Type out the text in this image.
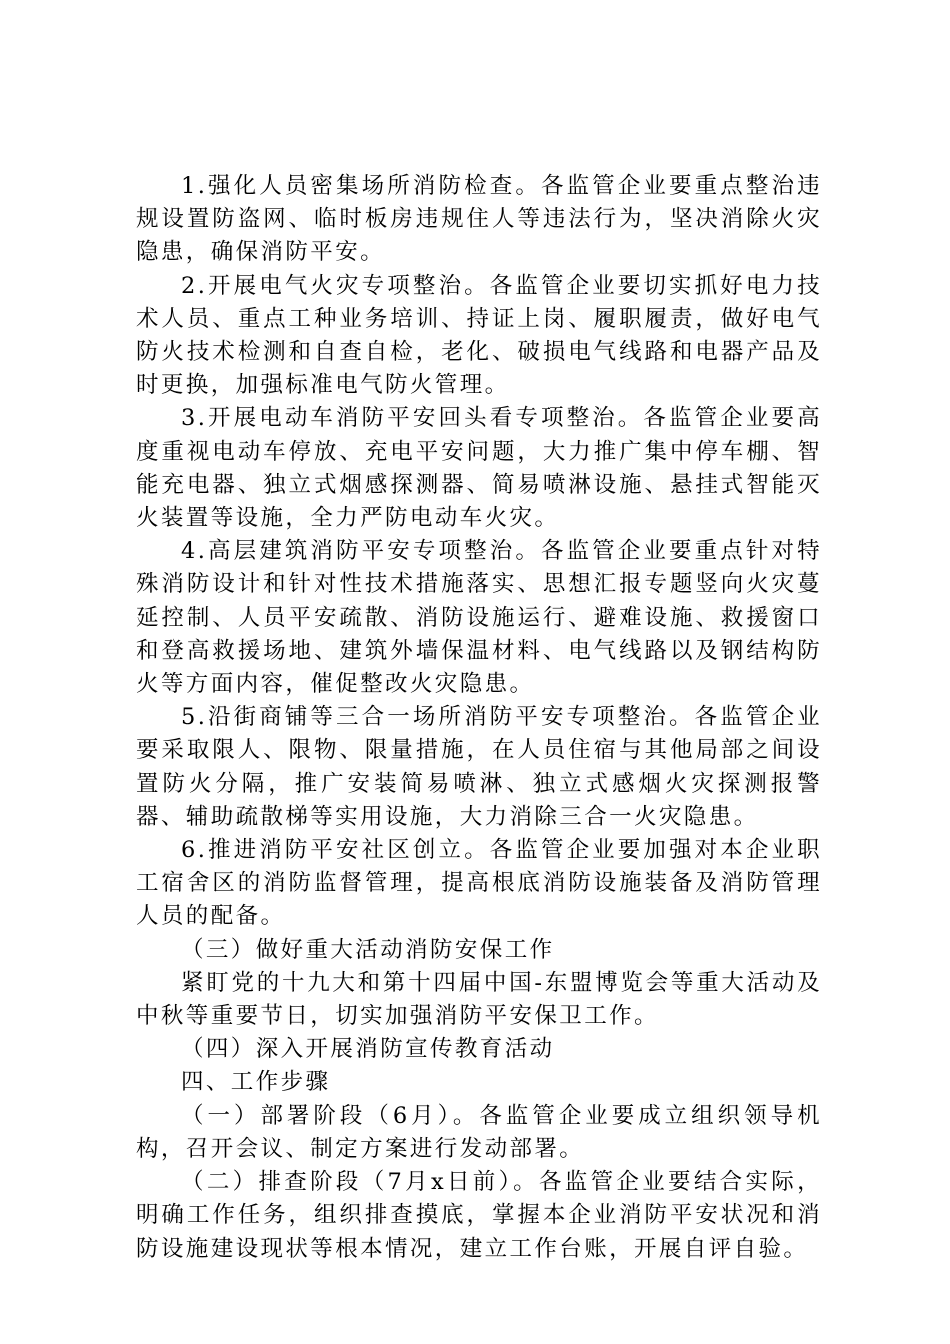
1.强化人员密集场所消防检查。各监管企业要重点整治违规设置防盗网、临时板房违规住人等违法行为，坚决消除火灾隐患，确保消防平安。

2.开展电气火灾专项整治。各监管企业要切实抓好电力技术人员、重点工种业务培训、持证上岗、履职履责，做好电气防火技术检测和自查自检，老化、破损电气线路和电器产品及时更换，加强标准电气防火管理。

3.开展电动车消防平安回头看专项整治。各监管企业要高度重视电动车停放、充电平安问题，大力推广集中停车棚、智能充电器、独立式烟感探测器、简易喷淋设施、悬挂式智能灭火装置等设施，全力严防电动车火灾。

4.高层建筑消防平安专项整治。各监管企业要重点针对特殊消防设计和针对性技术措施落实、思想汇报专题竖向火灾蔓延控制、人员平安疏散、消防设施运行、避难设施、救援窗口和登高救援场地、建筑外墙保温材料、电气线路以及钢结构防火等方面内容，催促整改火灾隐患。

5.沿街商铺等三合一场所消防平安专项整治。各监管企业要采取限人、限物、限量措施，在人员住宿与其他局部之间设置防火分隔，推广安装简易喷淋、独立式感烟火灾探测报警器、辅助疏散梯等实用设施，大力消除三合一火灾隐患。

6.推进消防平安社区创立。各监管企业要加强对本企业职工宿舍区的消防监督管理，提高根底消防设施装备及消防管理人员的配备。

（三）做好重大活动消防安保工作

紧盯党的十九大和第十四届中国-东盟博览会等重大活动及中秋等重要节日，切实加强消防平安保卫工作。

（四）深入开展消防宣传教育活动

四、工作步骤

（一）部署阶段（6月）。各监管企业要成立组织领导机构，召开会议、制定方案进行发动部署。

（二）排查阶段（7月x日前）。各监管企业要结合实际，明确工作任务，组织排查摸底，掌握本企业消防平安状况和消防设施建设现状等根本情况，建立工作台账，开展自评自验。
